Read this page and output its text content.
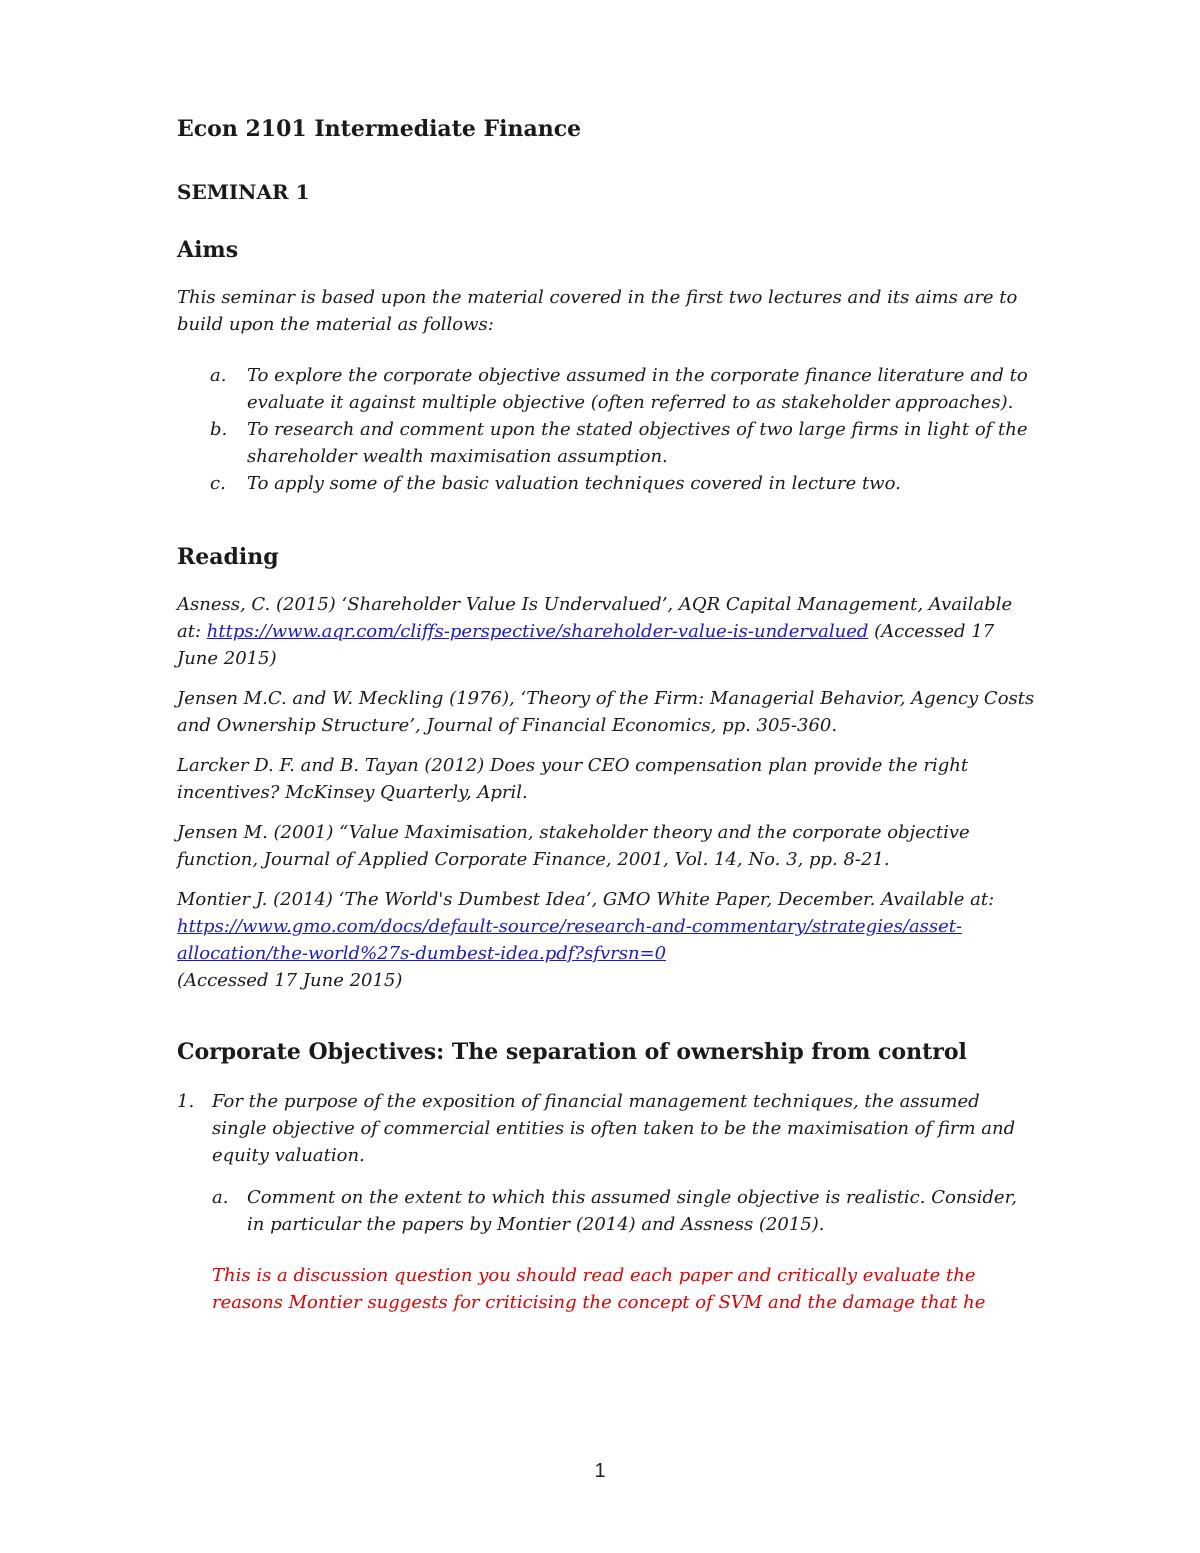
Econ 2101 Intermediate Finance
SEMINAR 1
Aims

This seminar is based upon the material covered in the first two lectures and its aims are to build upon the material as follows:

a. To explore the corporate objective assumed in the corporate finance literature and to evaluate it against multiple objective (often referred to as stakeholder approaches).
b. To research and comment upon the stated objectives of two large firms in light of the shareholder wealth maximisation assumption.
c. To apply some of the basic valuation techniques covered in lecture two.
Reading

Asness, C. (2015) ‘Shareholder Value Is Undervalued’, AQR Capital Management, Available at: https://www.aqr.com/cliffs-perspective/shareholder-value-is-undervalued (Accessed 17 June 2015)

Jensen M.C. and W. Meckling (1976), ‘Theory of the Firm: Managerial Behavior, Agency Costs and Ownership Structure’, Journal of Financial Economics, pp. 305-360.

Larcker D. F. and B. Tayan (2012) Does your CEO compensation plan provide the right incentives? McKinsey Quarterly, April.

Jensen M. (2001) “Value Maximisation, stakeholder theory and the corporate objective function, Journal of Applied Corporate Finance, 2001, Vol. 14, No. 3, pp. 8-21.

Montier J. (2014) ‘The World's Dumbest Idea’, GMO White Paper, December. Available at: https://www.gmo.com/docs/default-source/research-and-commentary/strategies/asset-allocation/the-world%27s-dumbest-idea.pdf?sfvrsn=0
(Accessed 17 June 2015)

Corporate Objectives: The separation of ownership from control
1. For the purpose of the exposition of financial management techniques, the assumed single objective of commercial entities is often taken to be the maximisation of firm and equity valuation.
a. Comment on the extent to which this assumed single objective is realistic. Consider, in particular the papers by Montier (2014) and Assness (2015).
This is a discussion question you should read each paper and critically evaluate the reasons Montier suggests for criticising the concept of SVM and the damage that he
1
